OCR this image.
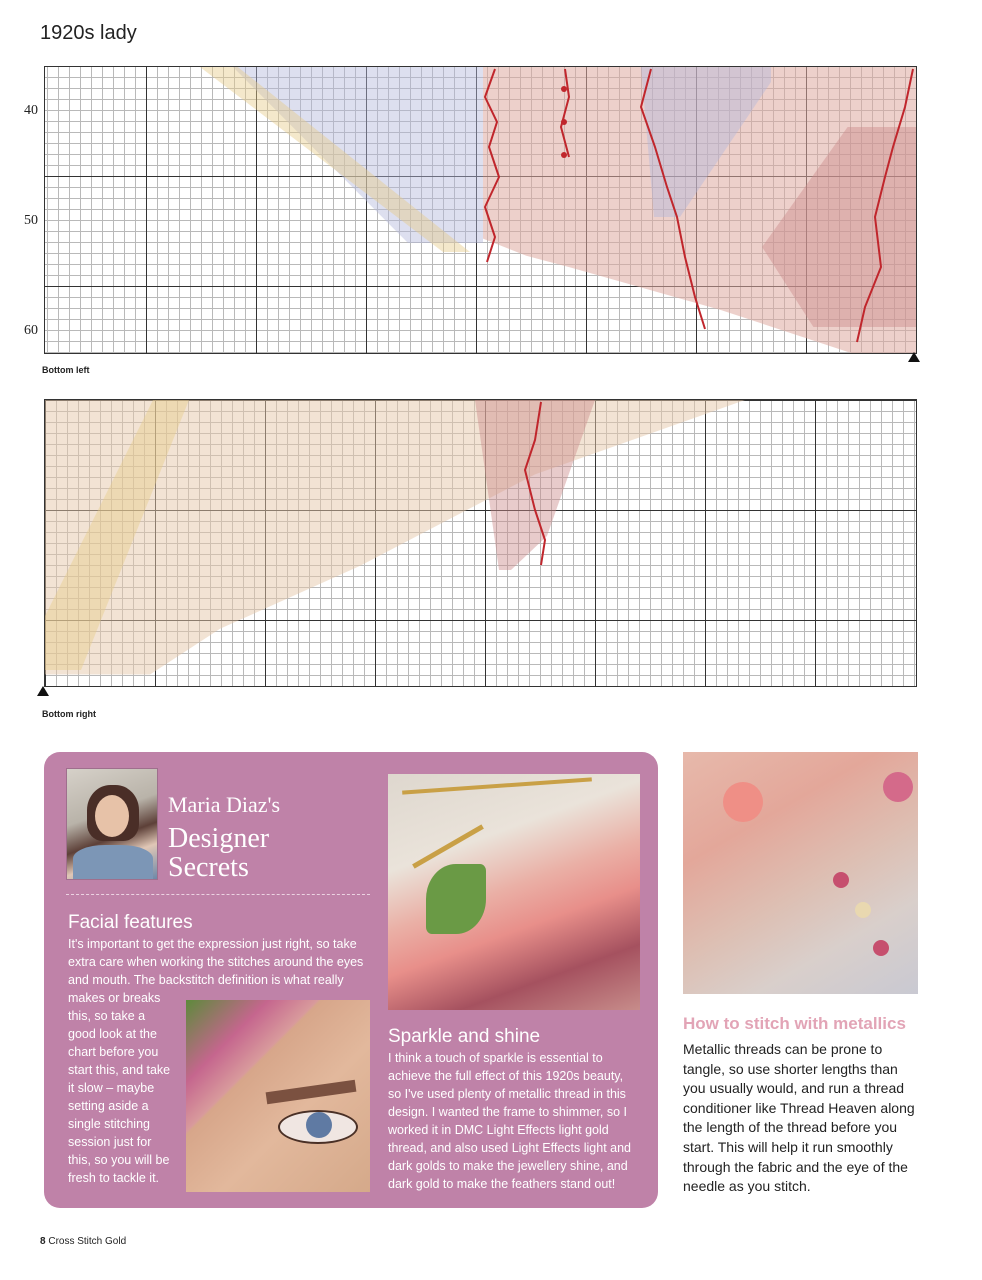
1920s lady
40
50
60
Bottom left
Bottom right
Maria Diaz's
Designer
Secrets
Facial features
It's important to get the expression just right, so take extra care when working the stitches around the eyes and mouth. The backstitch definition is what really
makes or breaks this, so take a good look at the chart before you start this, and take it slow – maybe setting aside a single stitching session just for this, so you will be fresh to tackle it.
Sparkle and shine
I think a touch of sparkle is essential to achieve the full effect of this 1920s beauty, so I've used plenty of metallic thread in this design. I wanted the frame to shimmer, so I worked it in DMC Light Effects light gold thread, and also used Light Effects light and dark golds to make the jewellery shine, and dark gold to make the feathers stand out!
How to stitch with metallics
Metallic threads can be prone to tangle, so use shorter lengths than you usually would, and run a thread conditioner like Thread Heaven along the length of the thread before you start. This will help it run smoothly through the fabric and the eye of the needle as you stitch.
8 Cross Stitch Gold
